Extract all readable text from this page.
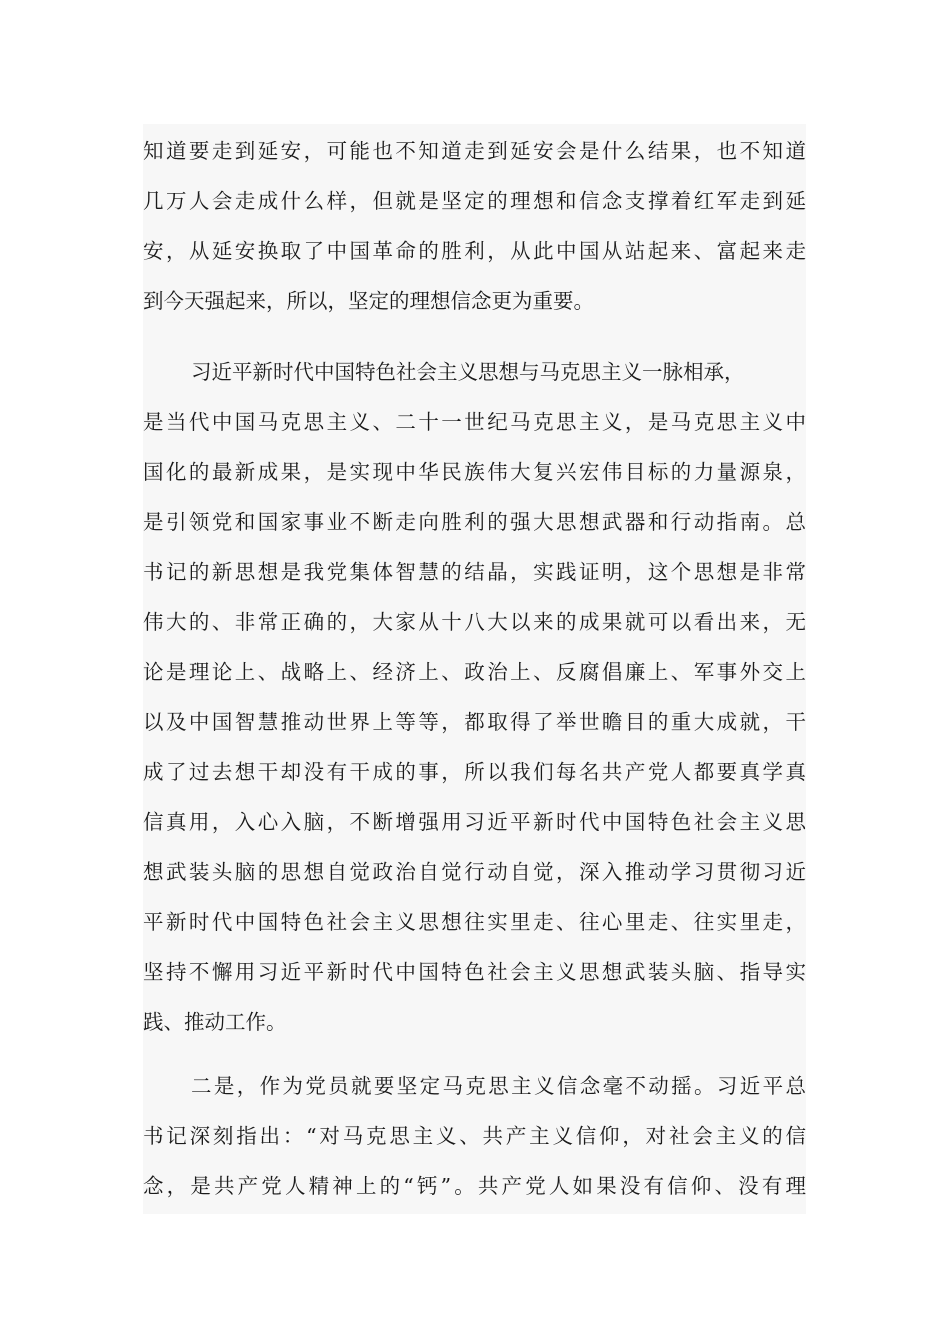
知道要走到延安，可能也不知道走到延安会是什么结果，也不知道
几万人会走成什么样，但就是坚定的理想和信念支撑着红军走到延
安，从延安换取了中国革命的胜利，从此中国从站起来、富起来走
到今天强起来，所以，坚定的理想信念更为重要。
习近平新时代中国特色社会主义思想与马克思主义一脉相承，
是当代中国马克思主义、二十一世纪马克思主义，是马克思主义中
国化的最新成果，是实现中华民族伟大复兴宏伟目标的力量源泉，
是引领党和国家事业不断走向胜利的强大思想武器和行动指南。总
书记的新思想是我党集体智慧的结晶，实践证明，这个思想是非常
伟大的、非常正确的，大家从十八大以来的成果就可以看出来，无
论是理论上、战略上、经济上、政治上、反腐倡廉上、军事外交上
以及中国智慧推动世界上等等，都取得了举世瞻目的重大成就，干
成了过去想干却没有干成的事，所以我们每名共产党人都要真学真
信真用，入心入脑，不断增强用习近平新时代中国特色社会主义思
想武装头脑的思想自觉政治自觉行动自觉，深入推动学习贯彻习近
平新时代中国特色社会主义思想往实里走、往心里走、往实里走，
坚持不懈用习近平新时代中国特色社会主义思想武装头脑、指导实
践、推动工作。
二是，作为党员就要坚定马克思主义信念毫不动摇。习近平总
书记深刻指出：“对马克思主义、共产主义信仰，对社会主义的信
念，是共产党人精神上的“钙”。共产党人如果没有信仰、没有理
